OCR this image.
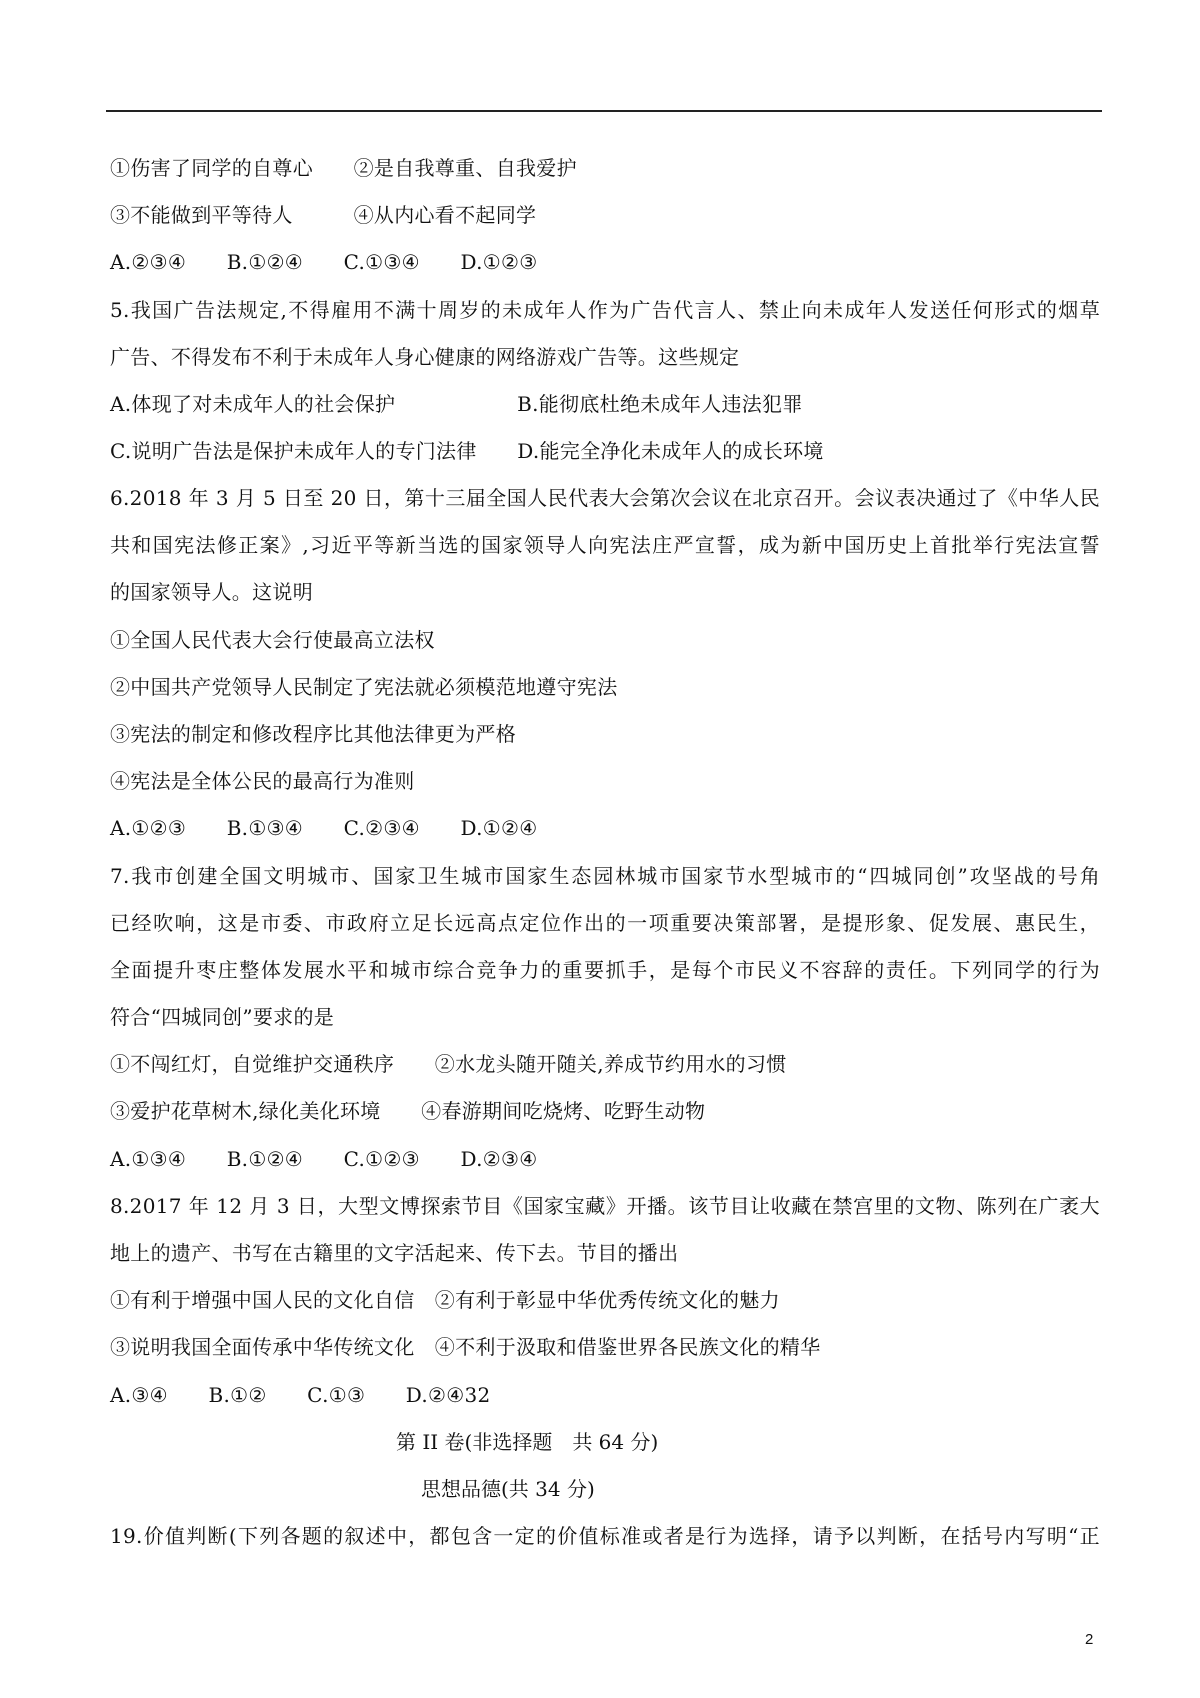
①伤害了同学的自尊心　　②是自我尊重、自我爱护
③不能做到平等待人　　　④从内心看不起同学
A.②③④　　B.①②④　　C.①③④　　D.①②③
5.我国广告法规定,不得雇用不满十周岁的未成年人作为广告代言人、禁止向未成年人发送任何形式的烟草
广告、不得发布不利于未成年人身心健康的网络游戏广告等。这些规定
A.体现了对未成年人的社会保护　　　　　　B.能彻底杜绝未成年人违法犯罪
C.说明广告法是保护未成年人的专门法律　　D.能完全净化未成年人的成长环境
6.2018 年 3 月 5 日至 20 日，第十三届全国人民代表大会第次会议在北京召开。会议表决通过了《中华人民
共和国宪法修正案》,习近平等新当选的国家领导人向宪法庄严宣誓，成为新中国历史上首批举行宪法宣誓
的国家领导人。这说明
①全国人民代表大会行使最高立法权
②中国共产党领导人民制定了宪法就必须模范地遵守宪法
③宪法的制定和修改程序比其他法律更为严格
④宪法是全体公民的最高行为准则
A.①②③　　B.①③④　　C.②③④　　D.①②④
7.我市创建全国文明城市、国家卫生城市国家生态园林城市国家节水型城市的“四城同创”攻坚战的号角
已经吹响，这是市委、市政府立足长远高点定位作出的一项重要决策部署，是提形象、促发展、惠民生，
全面提升枣庄整体发展水平和城市综合竞争力的重要抓手，是每个市民义不容辞的责任。下列同学的行为
符合“四城同创”要求的是
①不闯红灯，自觉维护交通秩序　　②水龙头随开随关,养成节约用水的习惯
③爱护花草树木,绿化美化环境　　④春游期间吃烧烤、吃野生动物
A.①③④　　B.①②④　　C.①②③　　D.②③④
8.2017 年 12 月 3 日，大型文博探索节目《国家宝藏》开播。该节目让收藏在禁宫里的文物、陈列在广袤大
地上的遗产、书写在古籍里的文字活起来、传下去。节目的播出
①有利于增强中国人民的文化自信　②有利于彰显中华优秀传统文化的魅力
③说明我国全面传承中华传统文化　④不利于汲取和借鉴世界各民族文化的精华
A.③④　　B.①②　　C.①③　　D.②④32
第 II 卷(非选择题　共 64 分)
思想品德(共 34 分)
19.价值判断(下列各题的叙述中，都包含一定的价值标准或者是行为选择，请予以判断，在括号内写明“正
2
